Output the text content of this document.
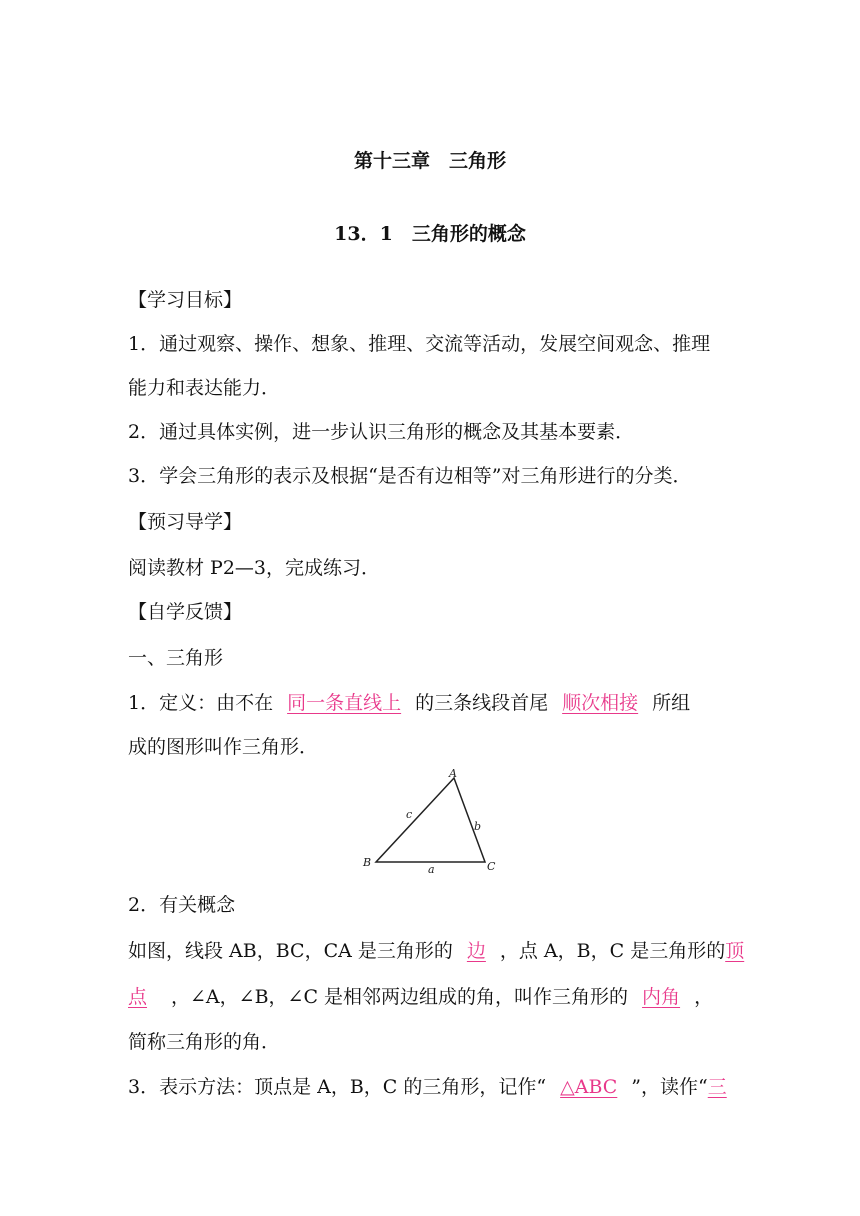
第十三章　三角形
13．1　三角形的概念
【学习目标】
1．通过观察、操作、想象、推理、交流等活动，发展空间观念、推理
能力和表达能力．
2．通过具体实例，进一步认识三角形的概念及其基本要素．
3．学会三角形的表示及根据“是否有边相等”对三角形进行的分类．
【预习导学】
阅读教材 P2—3，完成练习．
【自学反馈】
一、三角形
1．定义：由不在 同一条直线上 的三条线段首尾 顺次相接 所组
成的图形叫作三角形．
A
B	C
a
b
c
2．有关概念
如图，线段 AB，BC，CA 是三角形的 边 ，点 A，B，C 是三角形的顶
点 ，∠A，∠B，∠C 是相邻两边组成的角，叫作三角形的 内角 ，
简称三角形的角．
3．表示方法：顶点是 A，B，C 的三角形，记作“ △ABC ”，读作“三
